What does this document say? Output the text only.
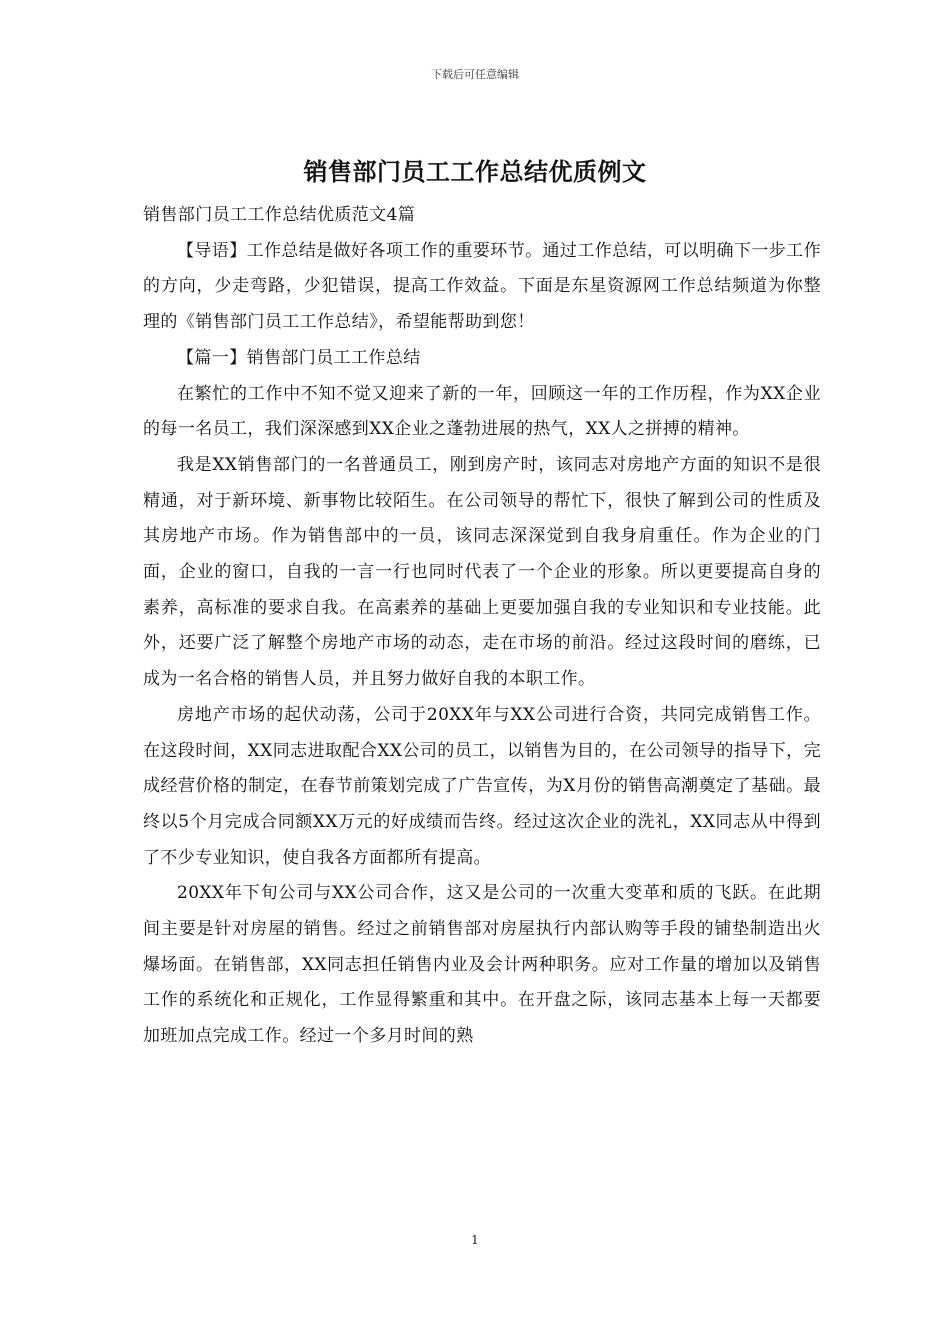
下载后可任意编辑
销售部门员工工作总结优质例文

销售部门员工工作总结优质范文4篇

【导语】工作总结是做好各项工作的重要环节。通过工作总结，可以明确下一步工作的方向，少走弯路，少犯错误，提高工作效益。下面是东星资源网工作总结频道为你整理的《销售部门员工工作总结》，希望能帮助到您！

【篇一】销售部门员工工作总结

在繁忙的工作中不知不觉又迎来了新的一年，回顾这一年的工作历程，作为XX企业的每一名员工，我们深深感到XX企业之蓬勃进展的热气，XX人之拼搏的精神。

我是XX销售部门的一名普通员工，刚到房产时，该同志对房地产方面的知识不是很精通，对于新环境、新事物比较陌生。在公司领导的帮忙下，很快了解到公司的性质及其房地产市场。作为销售部中的一员，该同志深深觉到自我身肩重任。作为企业的门面，企业的窗口，自我的一言一行也同时代表了一个企业的形象。所以更要提高自身的素养，高标准的要求自我。在高素养的基础上更要加强自我的专业知识和专业技能。此外，还要广泛了解整个房地产市场的动态，走在市场的前沿。经过这段时间的磨练，已成为一名合格的销售人员，并且努力做好自我的本职工作。

房地产市场的起伏动荡，公司于20XX年与XX公司进行合资，共同完成销售工作。在这段时间，XX同志进取配合XX公司的员工，以销售为目的，在公司领导的指导下，完成经营价格的制定，在春节前策划完成了广告宣传，为X月份的销售高潮奠定了基础。最终以5个月完成合同额XX万元的好成绩而告终。经过这次企业的洗礼，XX同志从中得到了不少专业知识，使自我各方面都所有提高。

20XX年下旬公司与XX公司合作，这又是公司的一次重大变革和质的飞跃。在此期间主要是针对房屋的销售。经过之前销售部对房屋执行内部认购等手段的铺垫制造出火爆场面。在销售部，XX同志担任销售内业及会计两种职务。应对工作量的增加以及销售工作的系统化和正规化，工作显得繁重和其中。在开盘之际，该同志基本上每一天都要加班加点完成工作。经过一个多月时间的熟

1
